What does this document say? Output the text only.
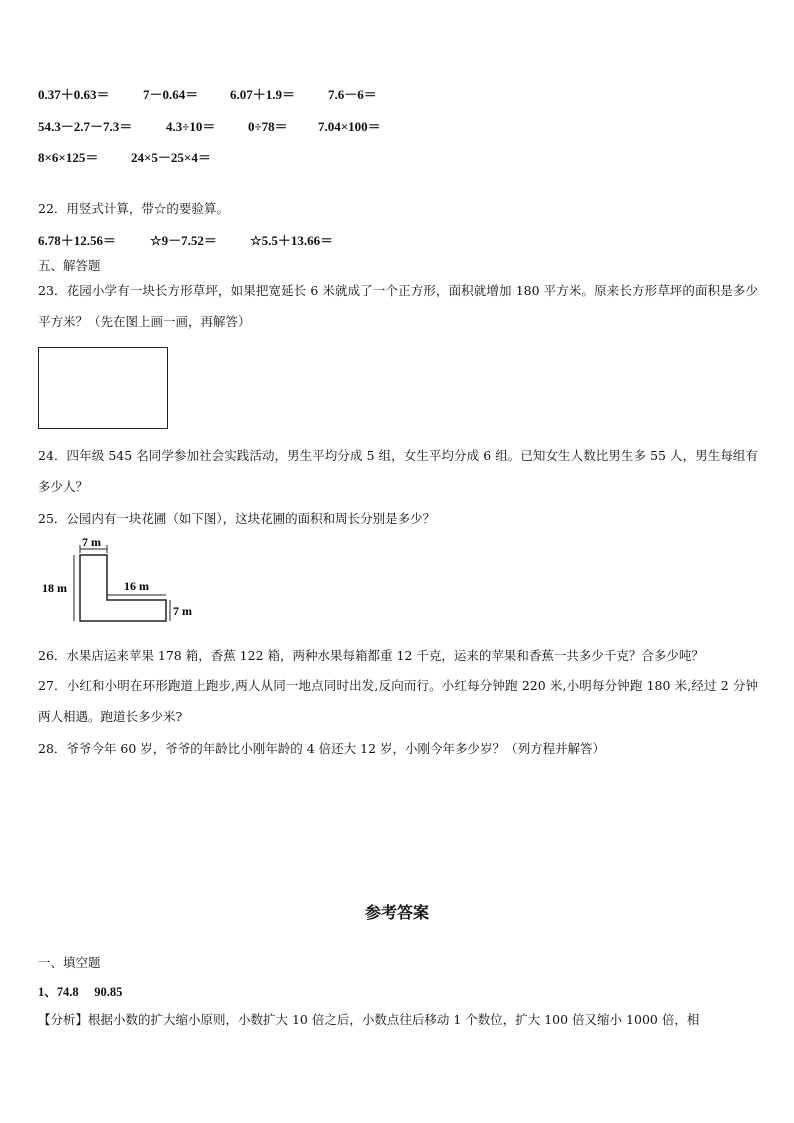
0.37＋0.63＝	7－0.64＝ 6.07＋1.9＝	7.6－6＝
54.3－2.7－7.3＝	4.3÷10＝	0÷78＝ 7.04×100＝
8×6×125＝	24×5－25×4＝
22．用竖式计算，带☆的要验算。
6.78＋12.56＝	☆9－7.52＝	☆5.5＋13.66＝
五、解答题
23．花园小学有一块长方形草坪，如果把宽延长 6 米就成了一个正方形，面积就增加 180 平方米。原来长方形草坪的面积是多少平方米？（先在图上画一画，再解答）
24．四年级 545 名同学参加社会实践活动，男生平均分成 5 组，女生平均分成 6 组。已知女生人数比男生多 55 人，男生每组有多少人？
25．公园内有一块花圃（如下图），这块花圃的面积和周长分别是多少？
7 m
18 m	16 m
7 m
26．水果店运来苹果 178 箱，香蕉 122 箱，两种水果每箱都重 12 千克，运来的苹果和香蕉一共多少千克？合多少吨？
27．小红和小明在环形跑道上跑步,两人从同一地点同时出发,反向而行。小红每分钟跑 220 米,小明每分钟跑 180 米,经过 2 分钟两人相遇。跑道长多少米?
28．爷爷今年 60 岁，爷爷的年龄比小刚年龄的 4 倍还大 12 岁，小刚今年多少岁？（列方程并解答）
参考答案
一、填空题
1、74.8　 90.85
【分析】根据小数的扩大缩小原则，小数扩大 10 倍之后，小数点往后移动 1 个数位，扩大 100 倍又缩小 1000 倍，相
